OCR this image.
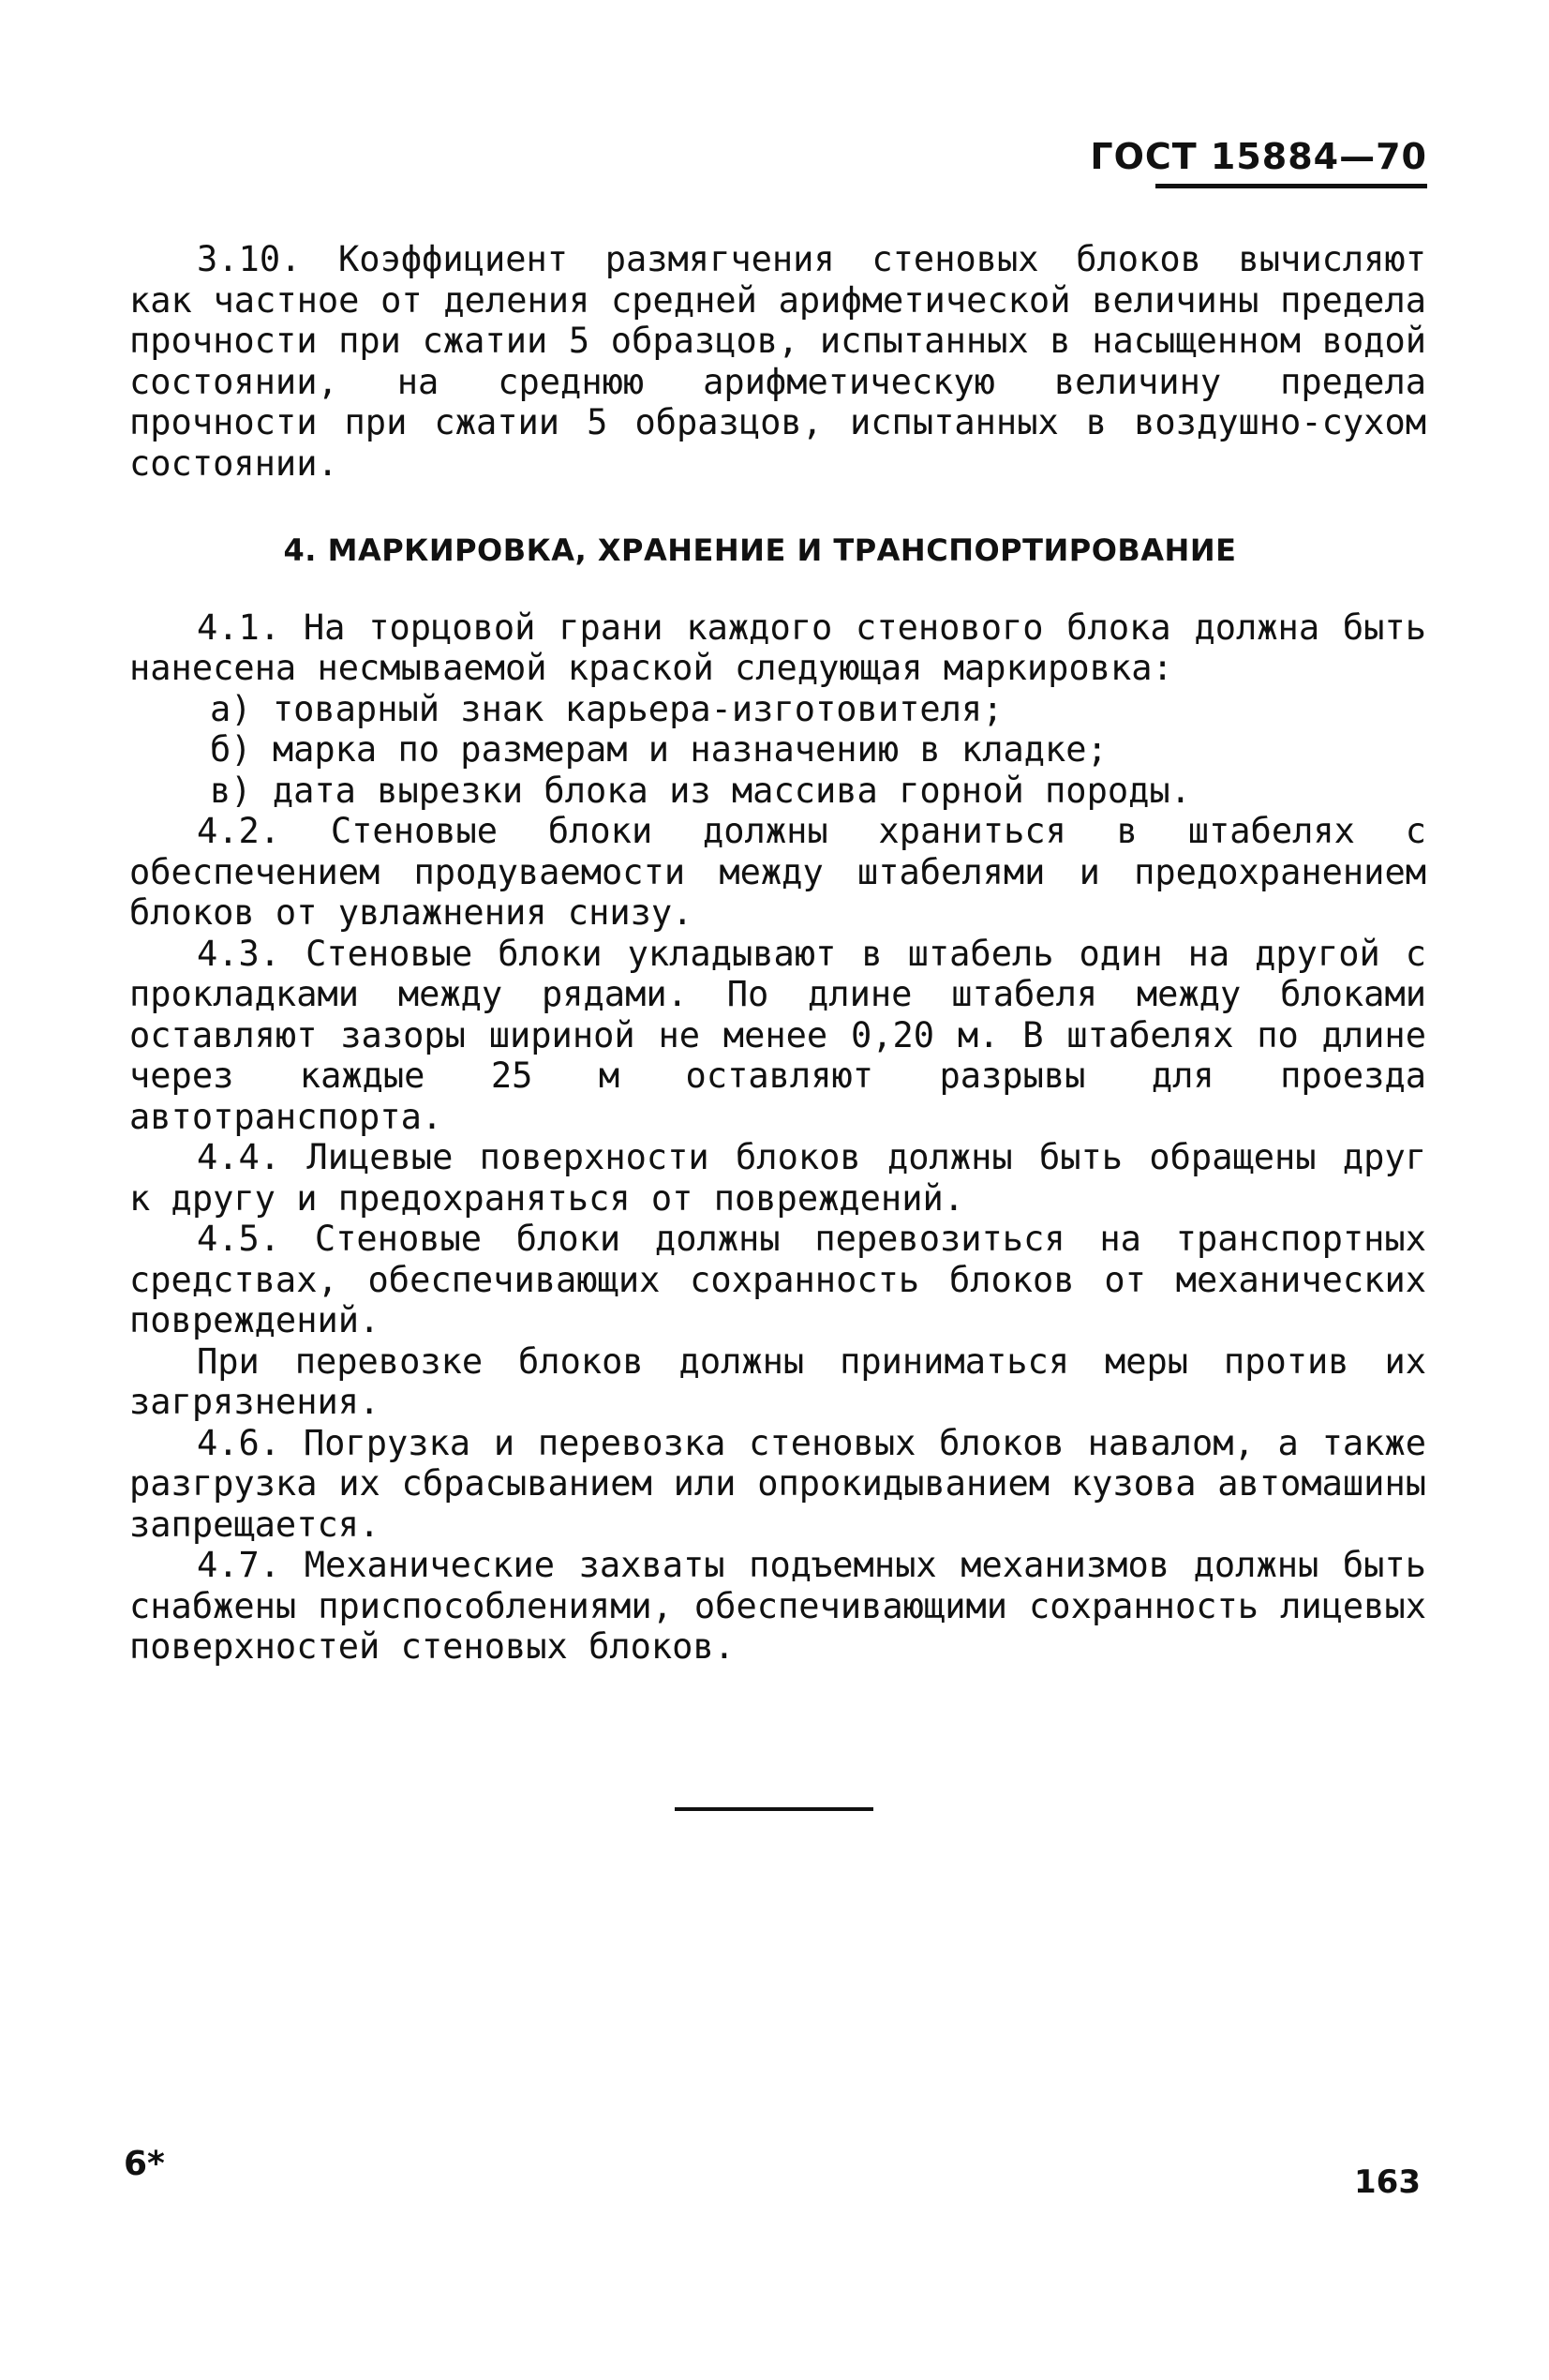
ГОСТ 15884—70

3.10. Коэффициент размягчения стеновых блоков вычисляют как частное от деления средней арифметической величины предела прочности при сжатии 5 образцов, испытанных в насыщенном водой состоянии, на среднюю арифметическую величину предела прочности при сжатии 5 образцов, испытанных в воздушно-сухом состоянии.

4. МАРКИРОВКА, ХРАНЕНИЕ И ТРАНСПОРТИРОВАНИЕ

4.1. На торцовой грани каждого стенового блока должна быть нанесена несмываемой краской следующая маркировка:

а) товарный знак карьера-изготовителя;

б) марка по размерам и назначению в кладке;

в) дата вырезки блока из массива горной породы.

4.2. Стеновые блоки должны храниться в штабелях с обеспечением продуваемости между штабелями и предохранением блоков от увлажнения снизу.

4.3. Стеновые блоки укладывают в штабель один на другой с прокладками между рядами. По длине штабеля между блоками оставляют зазоры шириной не менее 0,20 м. В штабелях по длине через каждые 25 м оставляют разрывы для проезда автотранспорта.

4.4. Лицевые поверхности блоков должны быть обращены друг к другу и предохраняться от повреждений.

4.5. Стеновые блоки должны перевозиться на транспортных средствах, обеспечивающих сохранность блоков от механических повреждений.

При перевозке блоков должны приниматься меры против их загрязнения.

4.6. Погрузка и перевозка стеновых блоков навалом, а также разгрузка их сбрасыванием или опрокидыванием кузова автомашины запрещается.

4.7. Механические захваты подъемных механизмов должны быть снабжены приспособлениями, обеспечивающими сохранность лицевых поверхностей стеновых блоков.

6*	163
